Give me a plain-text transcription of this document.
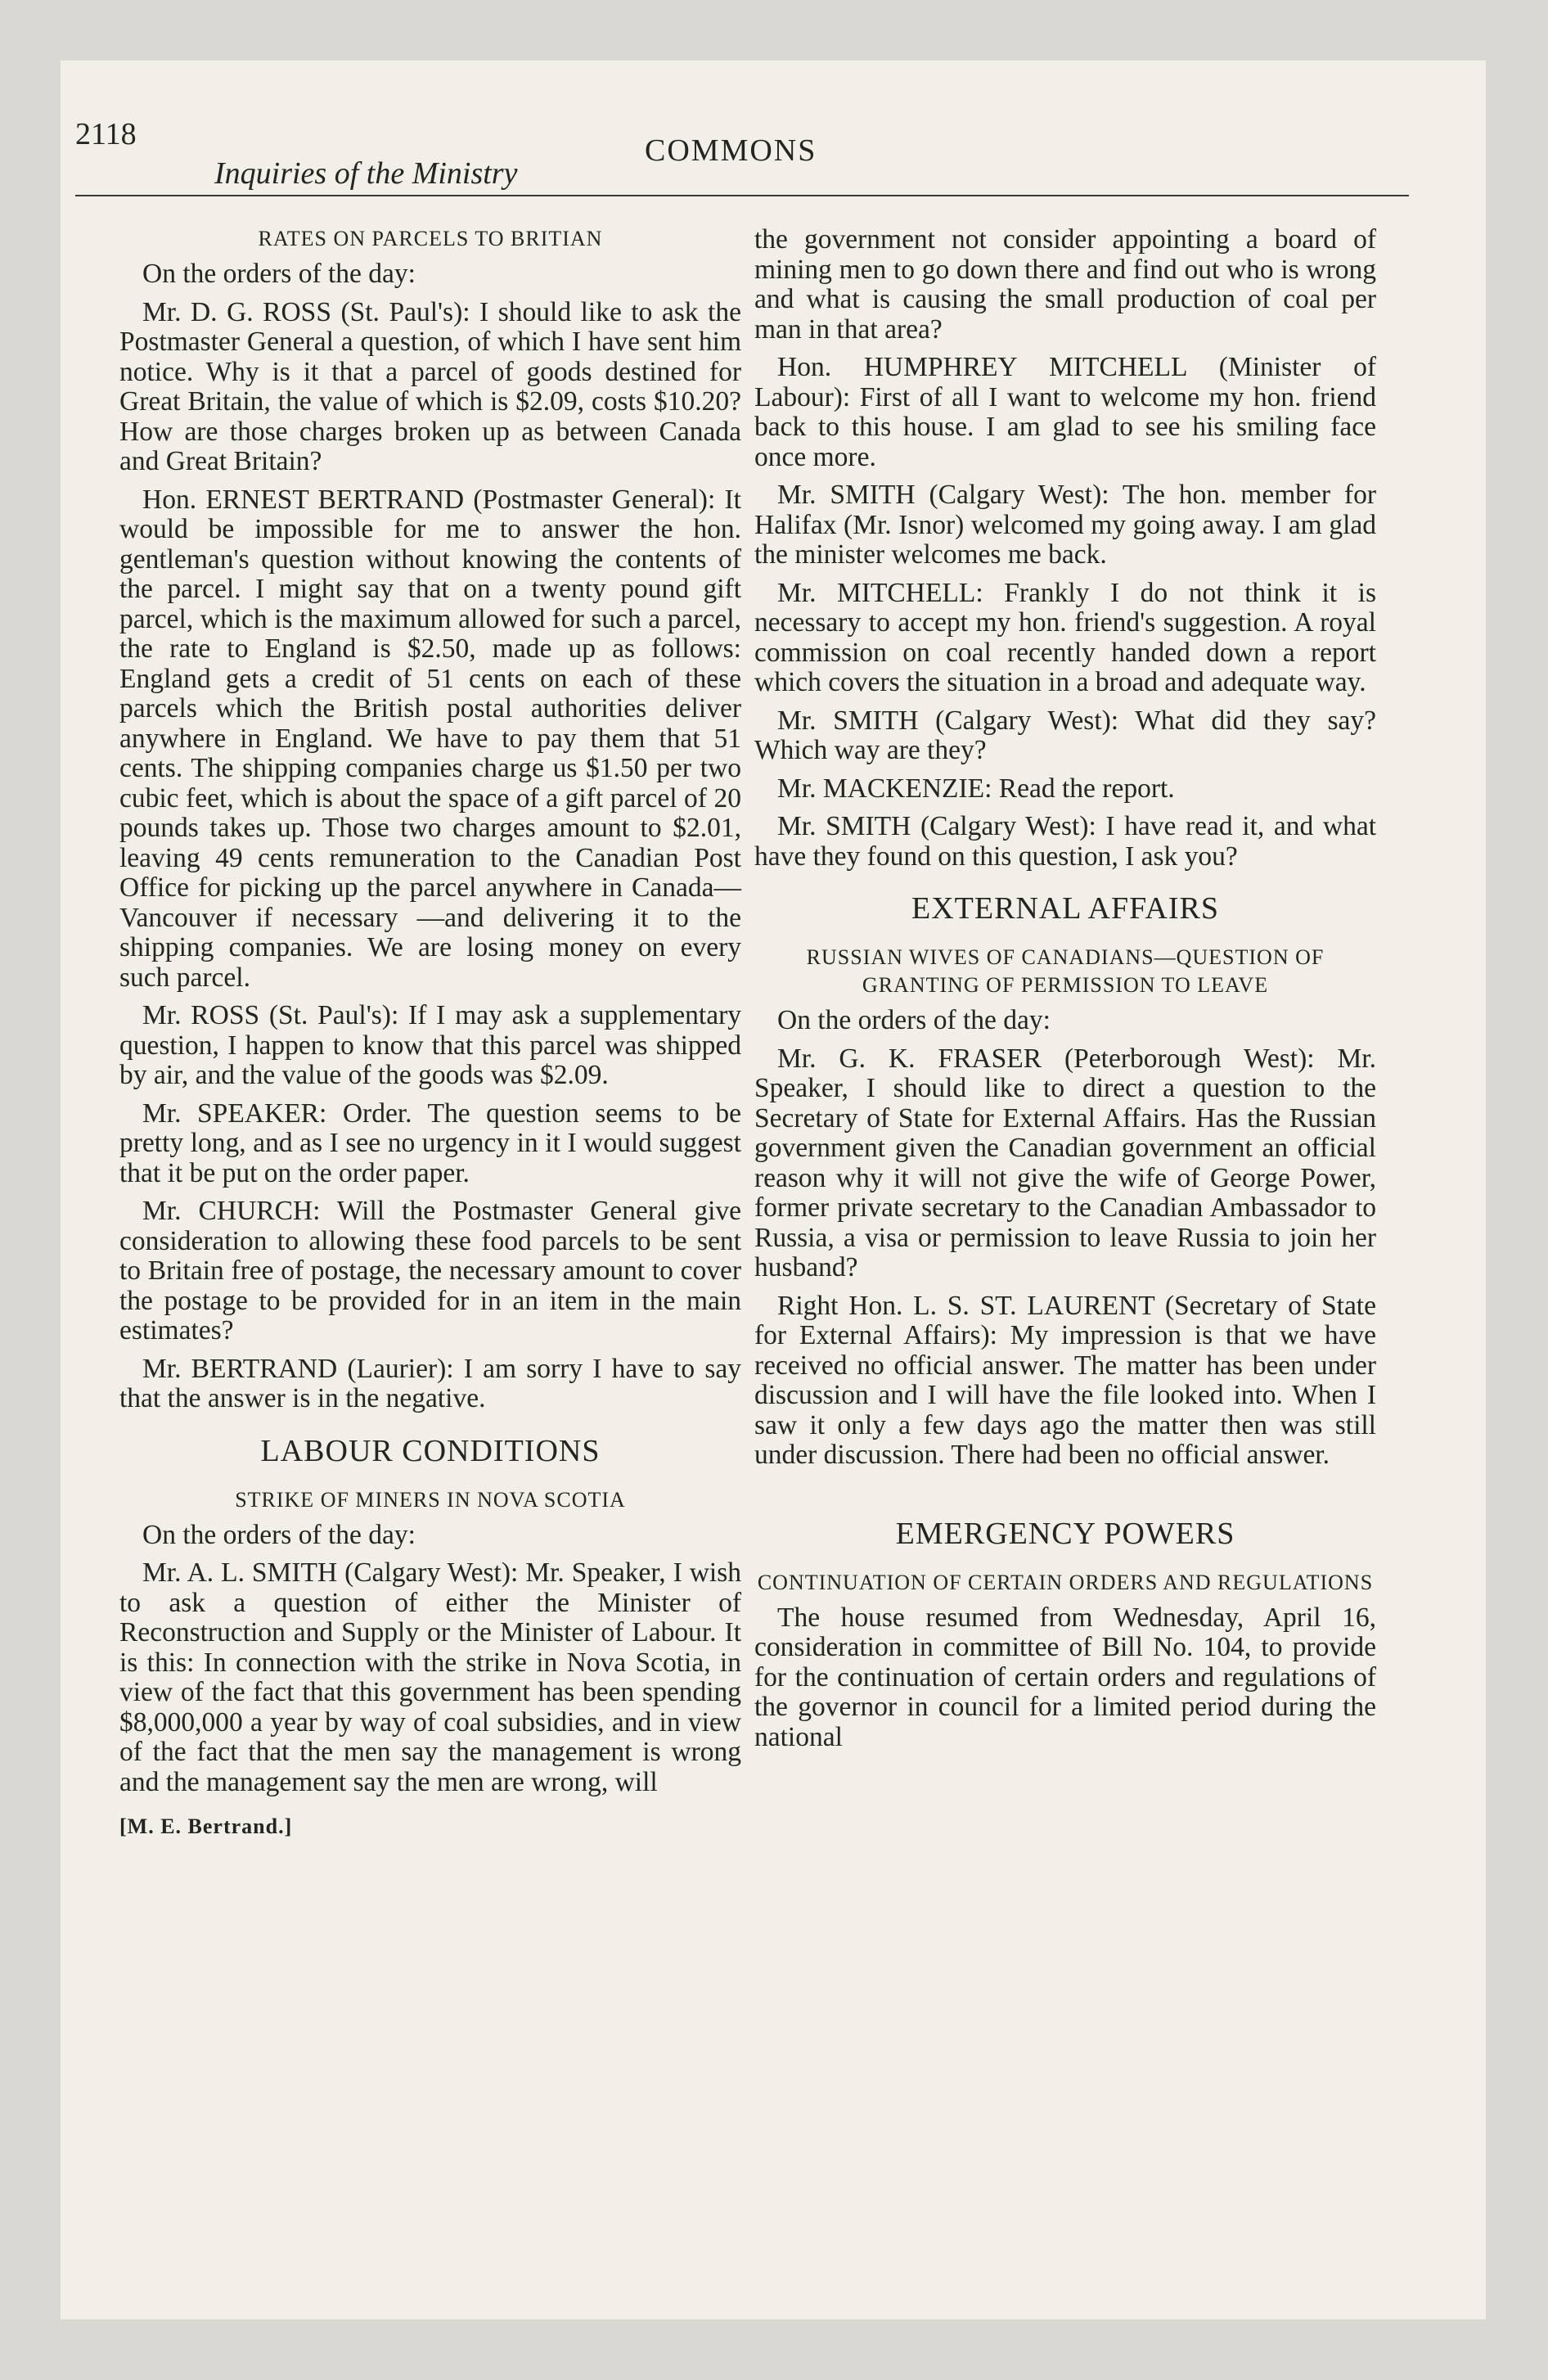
2118	COMMONS
Inquiries of the Ministry
RATES ON PARCELS TO BRITIAN

On the orders of the day:

Mr. D. G. ROSS (St. Paul's): I should like to ask the Postmaster General a question, of which I have sent him notice. Why is it that a parcel of goods destined for Great Britain, the value of which is $2.09, costs $10.20? How are those charges broken up as between Canada and Great Britain?

Hon. ERNEST BERTRAND (Postmaster General): It would be impossible for me to answer the hon. gentleman's question without knowing the contents of the parcel. I might say that on a twenty pound gift parcel, which is the maximum allowed for such a parcel, the rate to England is $2.50, made up as follows: England gets a credit of 51 cents on each of these parcels which the British postal authorities deliver anywhere in England. We have to pay them that 51 cents. The shipping companies charge us $1.50 per two cubic feet, which is about the space of a gift parcel of 20 pounds takes up. Those two charges amount to $2.01, leaving 49 cents remuneration to the Canadian Post Office for picking up the parcel anywhere in Canada—Vancouver if necessary —and delivering it to the shipping companies. We are losing money on every such parcel.

Mr. ROSS (St. Paul's): If I may ask a supplementary question, I happen to know that this parcel was shipped by air, and the value of the goods was $2.09.

Mr. SPEAKER: Order. The question seems to be pretty long, and as I see no urgency in it I would suggest that it be put on the order paper.

Mr. CHURCH: Will the Postmaster General give consideration to allowing these food parcels to be sent to Britain free of postage, the necessary amount to cover the postage to be provided for in an item in the main estimates?

Mr. BERTRAND (Laurier): I am sorry I have to say that the answer is in the negative.

LABOUR CONDITIONS
STRIKE OF MINERS IN NOVA SCOTIA

On the orders of the day:

Mr. A. L. SMITH (Calgary West): Mr. Speaker, I wish to ask a question of either the Minister of Reconstruction and Supply or the Minister of Labour. It is this: In connection with the strike in Nova Scotia, in view of the fact that this government has been spending $8,000,000 a year by way of coal subsidies, and in view of the fact that the men say the management is wrong and the management say the men are wrong, will

[M. E. Bertrand.]

the government not consider appointing a board of mining men to go down there and find out who is wrong and what is causing the small production of coal per man in that area?

Hon. HUMPHREY MITCHELL (Minister of Labour): First of all I want to welcome my hon. friend back to this house. I am glad to see his smiling face once more.

Mr. SMITH (Calgary West): The hon. member for Halifax (Mr. Isnor) welcomed my going away. I am glad the minister welcomes me back.

Mr. MITCHELL: Frankly I do not think it is necessary to accept my hon. friend's suggestion. A royal commission on coal recently handed down a report which covers the situation in a broad and adequate way.

Mr. SMITH (Calgary West): What did they say? Which way are they?

Mr. MACKENZIE: Read the report.

Mr. SMITH (Calgary West): I have read it, and what have they found on this question, I ask you?

EXTERNAL AFFAIRS
RUSSIAN WIVES OF CANADIANS—QUESTION OF GRANTING OF PERMISSION TO LEAVE

On the orders of the day:

Mr. G. K. FRASER (Peterborough West): Mr. Speaker, I should like to direct a question to the Secretary of State for External Affairs. Has the Russian government given the Canadian government an official reason why it will not give the wife of George Power, former private secretary to the Canadian Ambassador to Russia, a visa or permission to leave Russia to join her husband?

Right Hon. L. S. ST. LAURENT (Secretary of State for External Affairs): My impression is that we have received no official answer. The matter has been under discussion and I will have the file looked into. When I saw it only a few days ago the matter then was still under discussion. There had been no official answer.

EMERGENCY POWERS
CONTINUATION OF CERTAIN ORDERS AND REGULATIONS

The house resumed from Wednesday, April 16, consideration in committee of Bill No. 104, to provide for the continuation of certain orders and regulations of the governor in council for a limited period during the national
